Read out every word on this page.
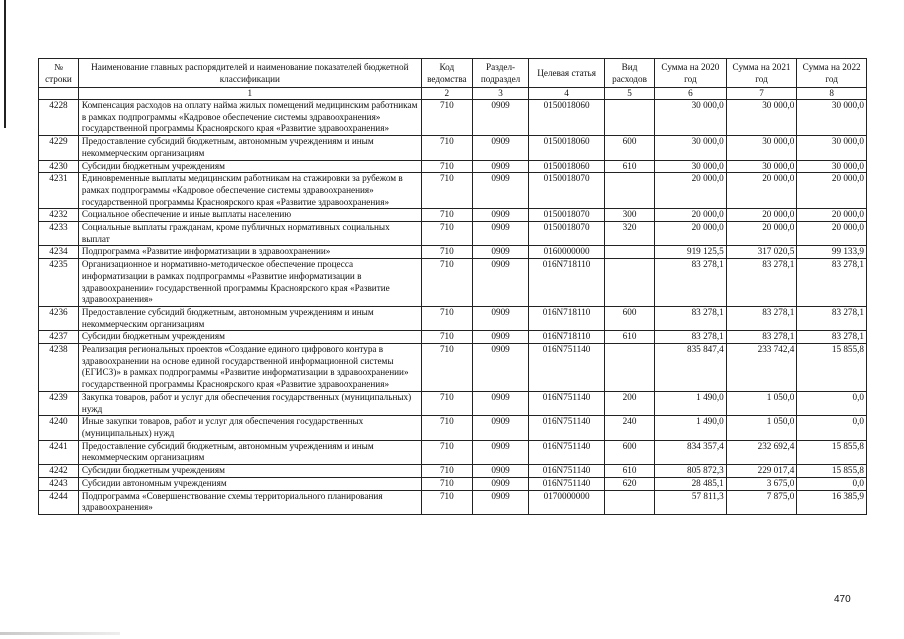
№ строки	Наименование главных распорядителей и наименование показателей бюджетной классификации	Код ведомства	Раздел-подраздел	Целевая статья	Вид расходов	Сумма на 2020 год	Сумма на 2021 год	Сумма на 2022 год
	1	2	3	4	5	6	7	8
4228	Компенсация расходов на оплату найма жилых помещений медицинским работникам в рамках подпрограммы «Кадровое обеспечение системы здравоохранения» государственной программы Красноярского края «Развитие здравоохранения»	710	0909	0150018060		30 000,0	30 000,0	30 000,0
4229	Предоставление субсидий бюджетным, автономным учреждениям и иным некоммерческим организациям	710	0909	0150018060	600	30 000,0	30 000,0	30 000,0
4230	Субсидии бюджетным учреждениям	710	0909	0150018060	610	30 000,0	30 000,0	30 000,0
4231	Единовременные выплаты медицинским работникам на стажировки за рубежом в рамках подпрограммы «Кадровое обеспечение системы здравоохранения» государственной программы Красноярского края «Развитие здравоохранения»	710	0909	0150018070		20 000,0	20 000,0	20 000,0
4232	Социальное обеспечение и иные выплаты населению	710	0909	0150018070	300	20 000,0	20 000,0	20 000,0
4233	Социальные выплаты гражданам, кроме публичных нормативных социальных выплат	710	0909	0150018070	320	20 000,0	20 000,0	20 000,0
4234	Подпрограмма «Развитие информатизации в здравоохранении»	710	0909	0160000000		919 125,5	317 020,5	99 133,9
4235	Организационное и нормативно-методическое обеспечение процесса информатизации в рамках подпрограммы «Развитие информатизации в здравоохранении» государственной программы Красноярского края «Развитие здравоохранения»	710	0909	016N718110		83 278,1	83 278,1	83 278,1
4236	Предоставление субсидий бюджетным, автономным учреждениям и иным некоммерческим организациям	710	0909	016N718110	600	83 278,1	83 278,1	83 278,1
4237	Субсидии бюджетным учреждениям	710	0909	016N718110	610	83 278,1	83 278,1	83 278,1
4238	Реализация региональных проектов «Создание единого цифрового контура в здравоохранении на основе единой государственной информационной системы (ЕГИСЗ)» в рамках подпрограммы «Развитие информатизации в здравоохранении» государственной программы Красноярского края «Развитие здравоохранения»	710	0909	016N751140		835 847,4	233 742,4	15 855,8
4239	Закупка товаров, работ и услуг для обеспечения государственных (муниципальных) нужд	710	0909	016N751140	200	1 490,0	1 050,0	0,0
4240	Иные закупки товаров, работ и услуг для обеспечения государственных (муниципальных) нужд	710	0909	016N751140	240	1 490,0	1 050,0	0,0
4241	Предоставление субсидий бюджетным, автономным учреждениям и иным некоммерческим организациям	710	0909	016N751140	600	834 357,4	232 692,4	15 855,8
4242	Субсидии бюджетным учреждениям	710	0909	016N751140	610	805 872,3	229 017,4	15 855,8
4243	Субсидии автономным учреждениям	710	0909	016N751140	620	28 485,1	3 675,0	0,0
4244	Подпрограмма «Совершенствование схемы территориального планирования здравоохранения»	710	0909	0170000000		57 811,3	7 875,0	16 385,9
470
